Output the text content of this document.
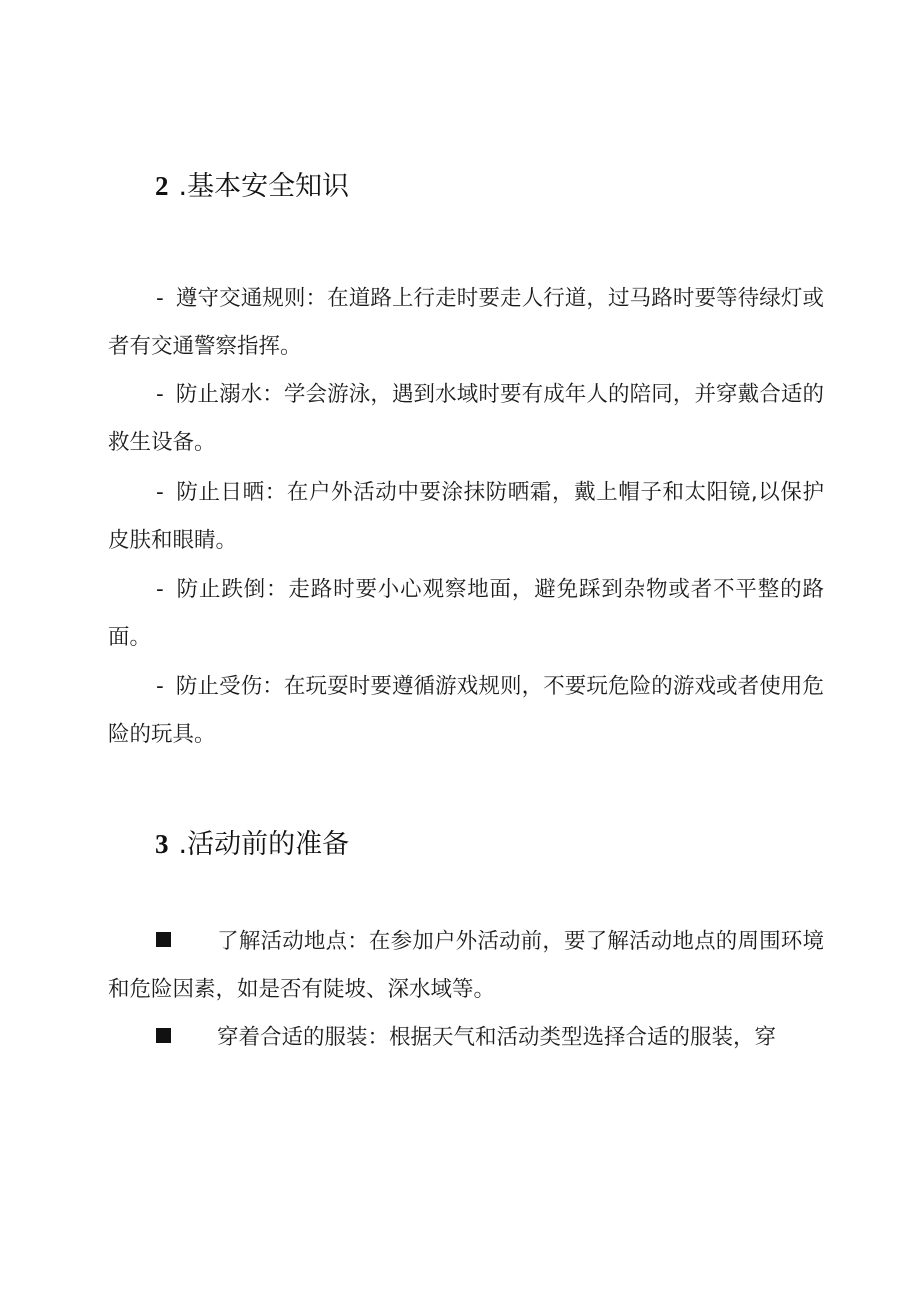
2 .基本安全知识

- 遵守交通规则：在道路上行走时要走人行道，过马路时要等待绿灯或者有交通警察指挥。

- 防止溺水：学会游泳，遇到水域时要有成年人的陪同，并穿戴合适的救生设备。

- 防止日晒：在户外活动中要涂抹防晒霜，戴上帽子和太阳镜,以保护皮肤和眼睛。

- 防止跌倒：走路时要小心观察地面，避免踩到杂物或者不平整的路面。

- 防止受伤：在玩耍时要遵循游戏规则，不要玩危险的游戏或者使用危险的玩具。

3 .活动前的准备

了解活动地点：在参加户外活动前，要了解活动地点的周围环境和危险因素，如是否有陡坡、深水域等。

穿着合适的服装：根据天气和活动类型选择合适的服装，穿
